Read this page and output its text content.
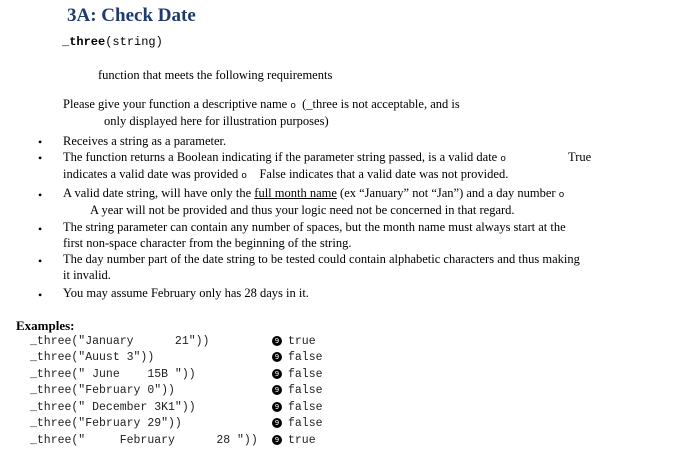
3A: Check Date
_three(string)
function that meets the following requirements
Please give your function a descriptive name o (_three is not acceptable, and is
only displayed here for illustration purposes)
• Receives a string as a parameter.
• The function returns a Boolean indicating if the parameter string passed, is a valid date o	True
indicates a valid date was provided o False indicates that a valid date was not provided.
• A valid date string, will have only the full month name (ex “January” not “Jan”) and a day number o
A year will not be provided and thus your logic need not be concerned in that regard.
• The string parameter can contain any number of spaces, but the month name must always start at the
first non-space character from the beginning of the string.
• The day number part of the date string to be tested could contain alphabetic characters and thus making
it invalid.
• You may assume February only has 28 days in it.
Examples:
_three("January      21"))	9 true
_three("Auust 3"))	9 false
_three(" June    15B "))	9 false
_three("February 0"))	9 false
_three(" December 3K1"))	9 false
_three("February 29"))	9 false
_three("     February      28 "))	9 true
